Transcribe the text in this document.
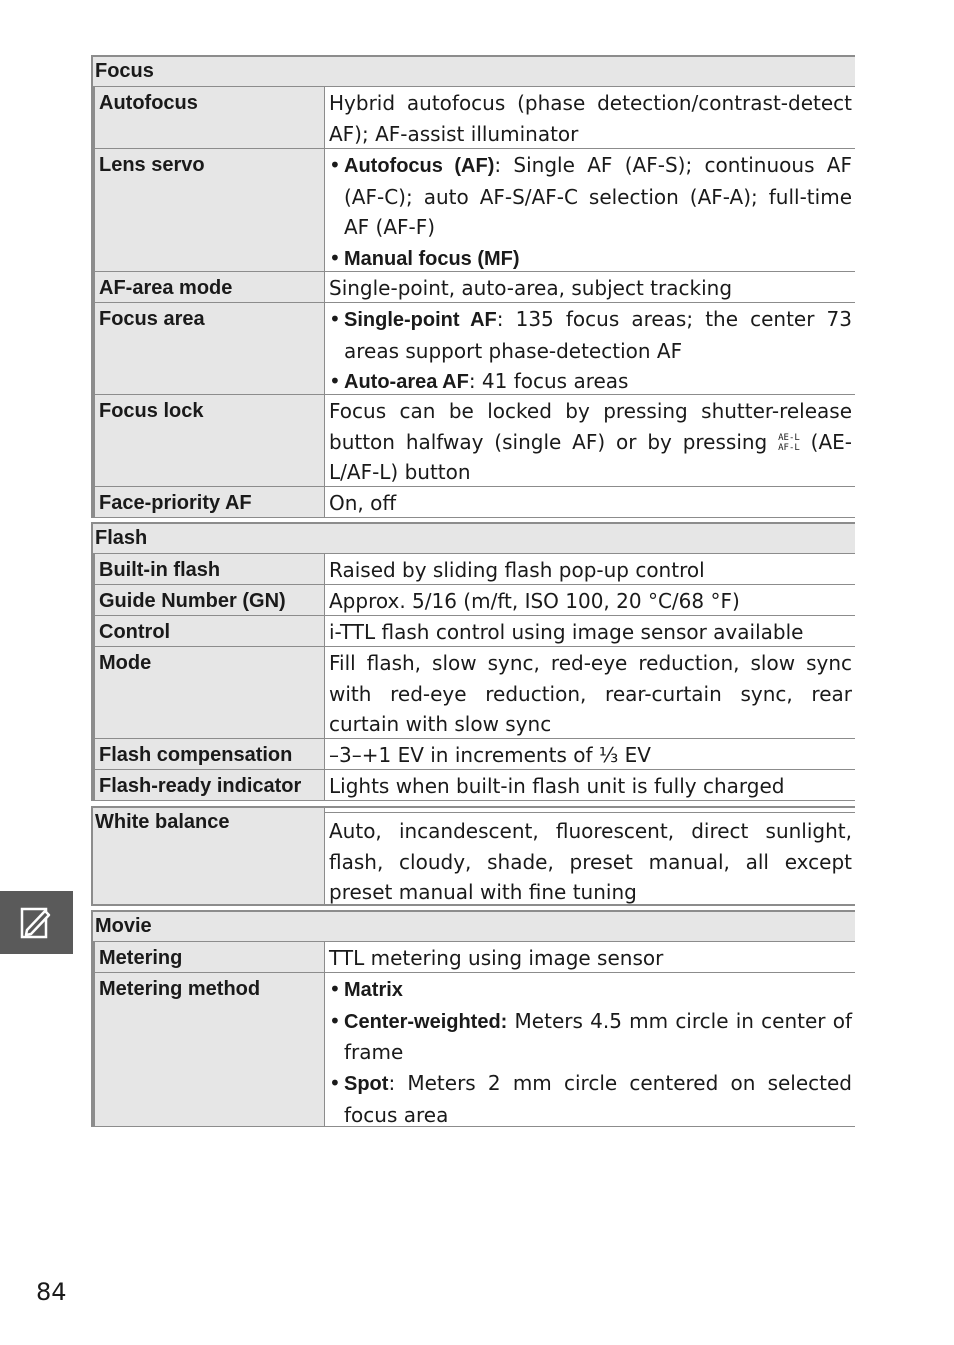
Focus
Autofocus	Hybrid autofocus (phase detection/contrast-detect AF); AF-assist illuminator
Lens servo	• Autofocus (AF): Single AF (AF-S); continuous AF (AF-C); auto AF-S/AF-C selection (AF-A); full-time AF (AF-F)
• Manual focus (MF)
AF-area mode	Single-point, auto-area, subject tracking
Focus area	• Single-point AF: 135 focus areas; the center 73 areas support phase-detection AF
• Auto-area AF: 41 focus areas
Focus lock	Focus can be locked by pressing shutter-release button halfway (single AF) or by pressing AE-L
AF-L (AE-L/AF-L) button
Face-priority AF	On, off
Flash
Built-in flash	Raised by sliding flash pop-up control
Guide Number (GN)	Approx. 5/16 (m/ft, ISO 100, 20 °C/68 °F)
Control	i-TTL flash control using image sensor available
Mode	Fill flash, slow sync, red-eye reduction, slow sync with red-eye reduction, rear-curtain sync, rear curtain with slow sync
Flash compensation	–3–+1 EV in increments of ⅓ EV
Flash-ready indicator	Lights when built-in flash unit is fully charged
White balance	Auto, incandescent, fluorescent, direct sunlight, flash, cloudy, shade, preset manual, all except preset manual with fine tuning
Movie
Metering	TTL metering using image sensor
Metering method	• Matrix
• Center-weighted: Meters 4.5 mm circle in center of frame
• Spot: Meters 2 mm circle centered on selected focus area
84
